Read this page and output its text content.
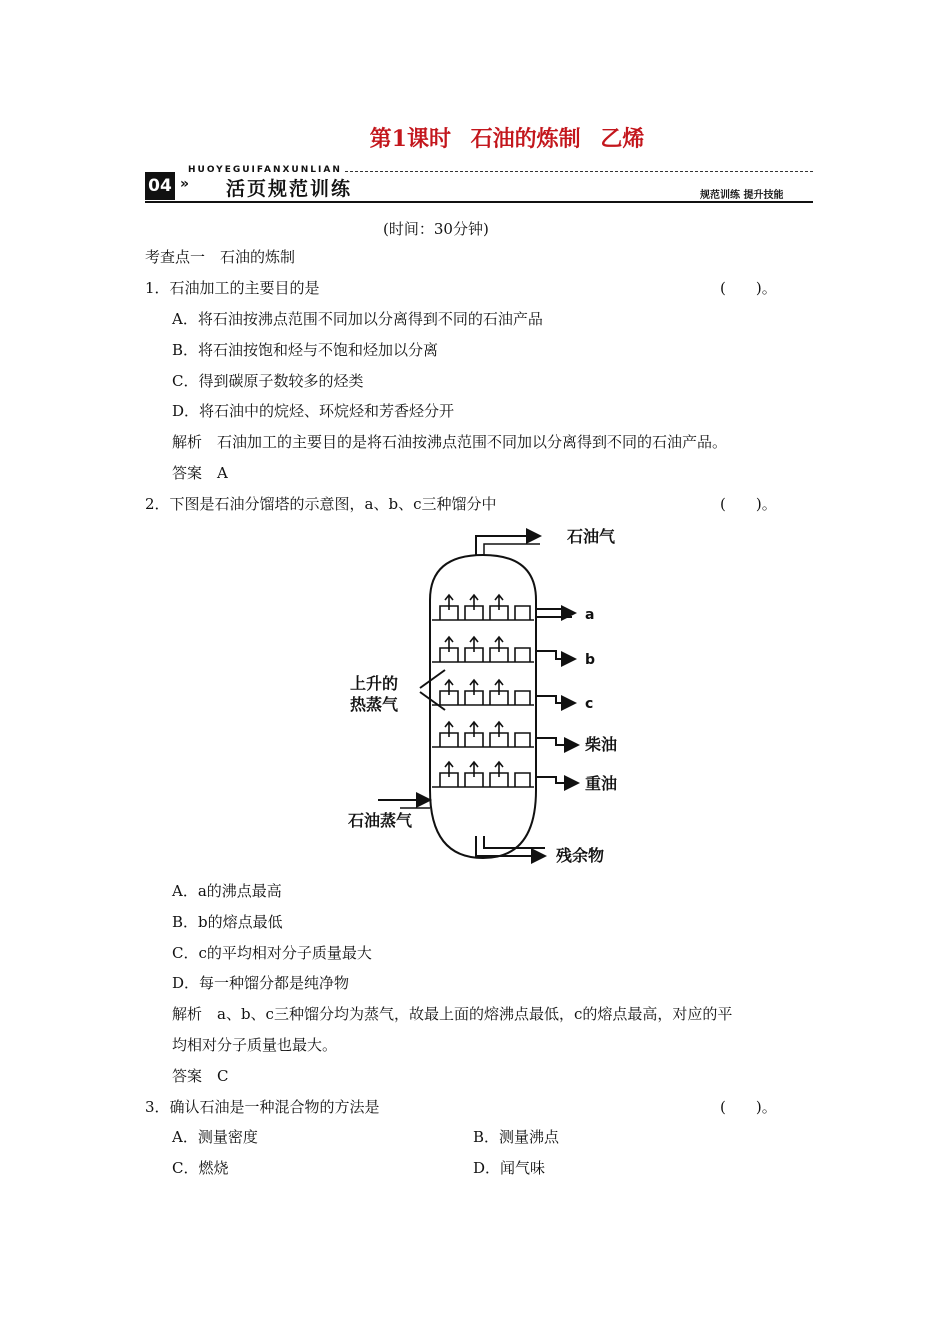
第1课时 石油的炼制 乙烯
HUOYEGUIFANXUNLIAN
04 » 活页规范训练	规范训练 提升技能
(时间：30分钟)
考查点一　石油的炼制
1．石油加工的主要目的是	(　　)。
A．将石油按沸点范围不同加以分离得到不同的石油产品
B．将石油按饱和烃与不饱和烃加以分离
C．得到碳原子数较多的烃类
D．将石油中的烷烃、环烷烃和芳香烃分开
解析　石油加工的主要目的是将石油按沸点范围不同加以分离得到不同的石油产品。
答案　A
2．下图是石油分馏塔的示意图，a、b、c三种馏分中	(　　)。
石油气
a
b
c
柴油
重油
残余物
上升的
热蒸气
石油蒸气
A．a的沸点最高
B．b的熔点最低
C．c的平均相对分子质量最大
D．每一种馏分都是纯净物
解析　a、b、c三种馏分均为蒸气，故最上面的熔沸点最低，c的熔点最高，对应的平
均相对分子质量也最大。
答案　C
3．确认石油是一种混合物的方法是	(　　)。
A．测量密度	B．测量沸点
C．燃烧	D．闻气味
